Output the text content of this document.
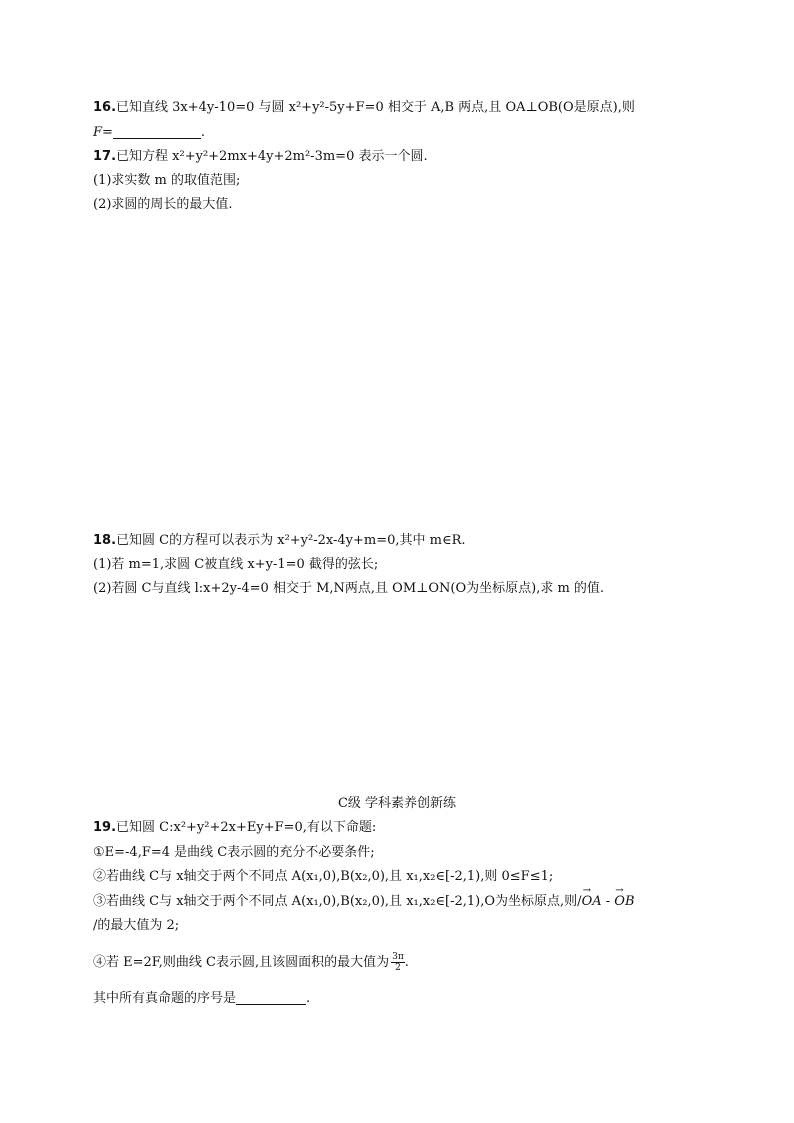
16.已知直线 3x+4y-10=0 与圆 x²+y²-5y+F=0 相交于 A,B 两点,且 OA⊥OB(O是原点),则
F=	.
17.已知方程 x²+y²+2mx+4y+2m²-3m=0 表示一个圆.
(1)求实数 m 的取值范围;
(2)求圆的周长的最大值.
18.已知圆 C的方程可以表示为 x²+y²-2x-4y+m=0,其中 m∈R.
(1)若 m=1,求圆 C被直线 x+y-1=0 截得的弦长;
(2)若圆 C与直线 l:x+2y-4=0 相交于 M,N两点,且 OM⊥ON(O为坐标原点),求 m 的值.
C级 学科素养创新练
19.已知圆 C:x²+y²+2x+Ey+F=0,有以下命题:
①E=-4,F=4 是曲线 C表示圆的充分不必要条件;
②若曲线 C与 x轴交于两个不同点 A(x₁,0),B(x₂,0),且 x₁,x₂∈[-2,1),则 0≤F≤1;
③若曲线 C与 x轴交于两个不同点 A(x₁,0),B(x₂,0),且 x₁,x₂∈[-2,1),O为坐标原点,则/→ OA - → OB
/的最大值为 2;
④若 E=2F,则曲线 C表示圆,且该圆面积的最大值为 $\frac{3\pi}{2}$ .
其中所有真命题的序号是	.
